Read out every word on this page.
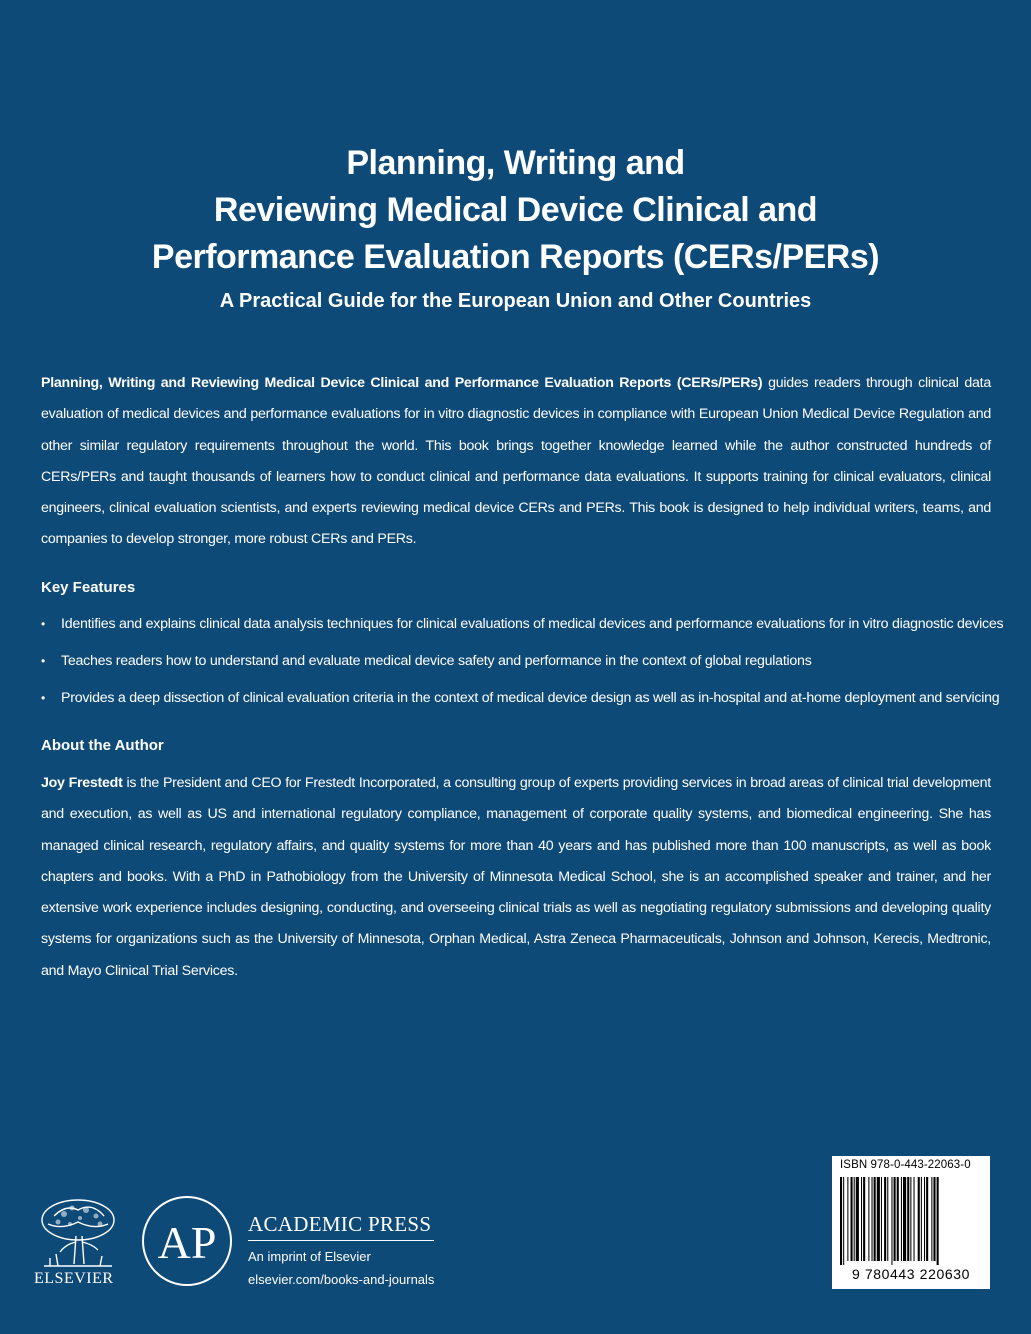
Planning, Writing and
Reviewing Medical Device Clinical and
Performance Evaluation Reports (CERs/PERs)
A Practical Guide for the European Union and Other Countries
Planning, Writing and Reviewing Medical Device Clinical and Performance Evaluation Reports (CERs/PERs) guides readers through clinical data evaluation of medical devices and performance evaluations for in vitro diagnostic devices in compliance with European Union Medical Device Regulation and other similar regulatory requirements throughout the world. This book brings together knowledge learned while the author constructed hundreds of CERs/PERs and taught thousands of learners how to conduct clinical and performance data evaluations. It supports training for clinical evaluators, clinical engineers, clinical evaluation scientists, and experts reviewing medical device CERs and PERs. This book is designed to help individual writers, teams, and companies to develop stronger, more robust CERs and PERs.
Key Features
• Identifies and explains clinical data analysis techniques for clinical evaluations of medical devices and performance evaluations for in vitro diagnostic devices
• Teaches readers how to understand and evaluate medical device safety and performance in the context of global regulations
• Provides a deep dissection of clinical evaluation criteria in the context of medical device design as well as in-hospital and at-home deployment and servicing
About the Author
Joy Frestedt is the President and CEO for Frestedt Incorporated, a consulting group of experts providing services in broad areas of clinical trial development and execution, as well as US and international regulatory compliance, management of corporate quality systems, and biomedical engineering. She has managed clinical research, regulatory affairs, and quality systems for more than 40 years and has published more than 100 manuscripts, as well as book chapters and books. With a PhD in Pathobiology from the University of Minnesota Medical School, she is an accomplished speaker and trainer, and her extensive work experience includes designing, conducting, and overseeing clinical trials as well as negotiating regulatory submissions and developing quality systems for organizations such as the University of Minnesota, Orphan Medical, Astra Zeneca Pharmaceuticals, Johnson and Johnson, Kerecis, Medtronic, and Mayo Clinical Trial Services.
ELSEVIER
AP ACADEMIC PRESS
An imprint of Elsevier
elsevier.com/books-and-journals
ISBN 978-0-443-22063-0
9 780443 220630
